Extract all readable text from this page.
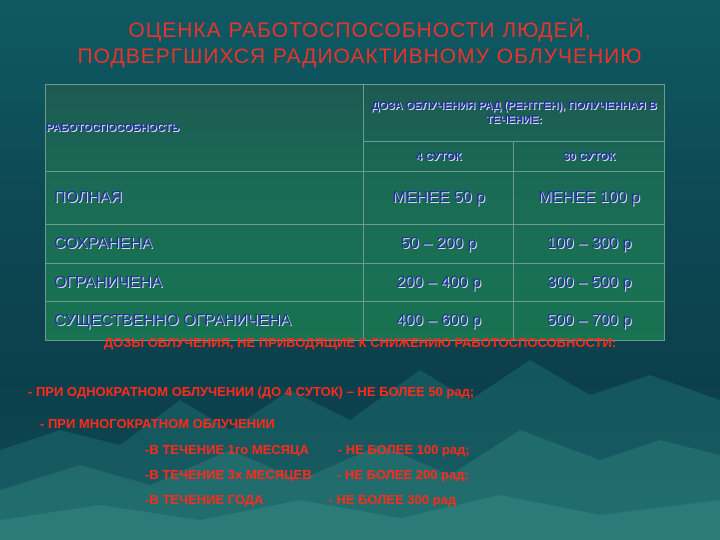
ОЦЕНКА РАБОТОСПОСОБНОСТИ ЛЮДЕЙ, ПОДВЕРГШИХСЯ РАДИОАКТИВНОМУ ОБЛУЧЕНИЮ
РАБОТОСПОСОБНОСТЬ	ДОЗА ОБЛУЧЕНИЯ РАД (РЕНТГЕН), ПОЛУЧЕННАЯ В ТЕЧЕНИЕ:	
	4 СУТОК	30 СУТОК
ПОЛНАЯ	МЕНЕЕ 50 р	МЕНЕЕ 100 р
СОХРАНЕНА	50 – 200 р	100 – 300 р
ОГРАНИЧЕНА	200 – 400 р	300 – 500 р
СУЩЕСТВЕННО ОГРАНИЧЕНА	400 – 600 р	500 – 700 р
ДОЗЫ ОБЛУЧЕНИЯ, НЕ ПРИВОДЯЩИЕ К СНИЖЕНИЮ РАБОТОСПОСОБНОСТИ:
- ПРИ ОДНОКРАТНОМ ОБЛУЧЕНИИ (ДО 4 СУТОК) – НЕ БОЛЕЕ 50 рад;
- ПРИ МНОГОКРАТНОМ ОБЛУЧЕНИИ
-В ТЕЧЕНИЕ 1го МЕСЯЦА        - НЕ БОЛЕЕ 100 рад;
-В ТЕЧЕНИЕ 3х МЕСЯЦЕВ       - НЕ БОЛЕЕ 200 рад;
-В ТЕЧЕНИЕ ГОДА                  - НЕ БОЛЕЕ 300 рад
